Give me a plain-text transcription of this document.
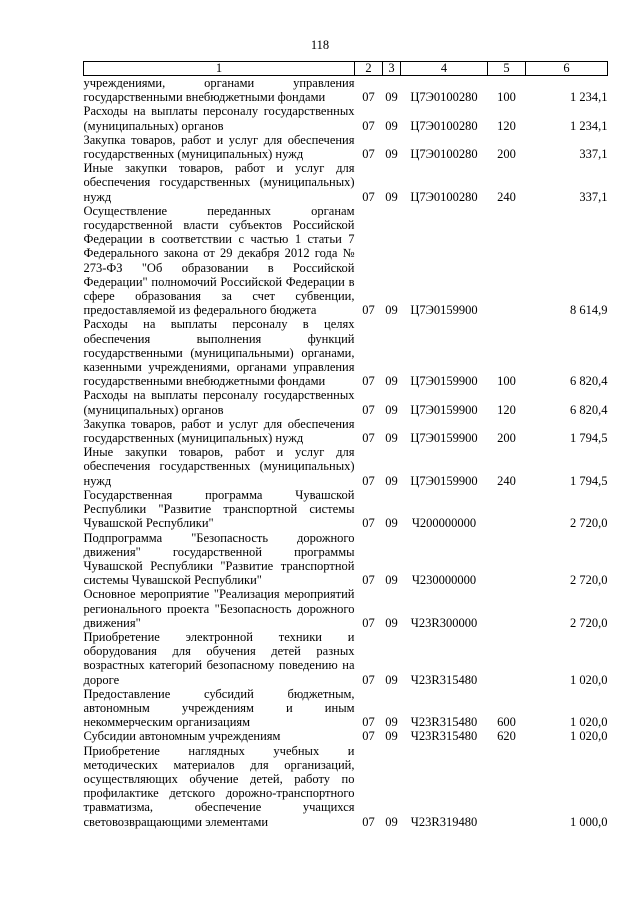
118
1	2	3	4	5	6
учреждениями, органами управления государственными внебюджетными фондами	07	09	Ц7Э0100280	100	1 234,1
Расходы на выплаты персоналу государственных (муниципальных) органов	07	09	Ц7Э0100280	120	1 234,1
Закупка товаров, работ и услуг для обеспечения государственных (муниципальных) нужд	07	09	Ц7Э0100280	200	337,1
Иные закупки товаров, работ и услуг для обеспечения государственных (муниципальных) нужд	07	09	Ц7Э0100280	240	337,1
Осуществление переданных органам государственной власти субъектов Российской Федерации в соответствии с частью 1 статьи 7 Федерального закона от 29 декабря 2012 года № 273-ФЗ "Об образовании в Российской Федерации" полномочий Российской Федерации в сфере образования за счет субвенции, предоставляемой из федерального бюджета	07	09	Ц7Э0159900		8 614,9
Расходы на выплаты персоналу в целях обеспечения выполнения функций государственными (муниципальными) органами, казенными учреждениями, органами управления государственными внебюджетными фондами	07	09	Ц7Э0159900	100	6 820,4
Расходы на выплаты персоналу государственных (муниципальных) органов	07	09	Ц7Э0159900	120	6 820,4
Закупка товаров, работ и услуг для обеспечения государственных (муниципальных) нужд	07	09	Ц7Э0159900	200	1 794,5
Иные закупки товаров, работ и услуг для обеспечения государственных (муниципальных) нужд	07	09	Ц7Э0159900	240	1 794,5
Государственная программа Чувашской Республики "Развитие транспортной системы Чувашской Республики"	07	09	Ч200000000		2 720,0
Подпрограмма "Безопасность дорожного движения" государственной программы Чувашской Республики "Развитие транспортной системы Чувашской Республики"	07	09	Ч230000000		2 720,0
Основное мероприятие "Реализация мероприятий регионального проекта "Безопасность дорожного движения"	07	09	Ч23R300000		2 720,0
Приобретение электронной техники и оборудования для обучения детей разных возрастных категорий безопасному поведению на дороге	07	09	Ч23R315480		1 020,0
Предоставление субсидий бюджетным, автономным учреждениям и иным некоммерческим организациям	07	09	Ч23R315480	600	1 020,0
Субсидии автономным учреждениям	07	09	Ч23R315480	620	1 020,0
Приобретение наглядных учебных и методических материалов для организаций, осуществляющих обучение детей, работу по профилактике детского дорожно-транспортного травматизма, обеспечение учащихся световозвращающими элементами	07	09	Ч23R319480		1 000,0
